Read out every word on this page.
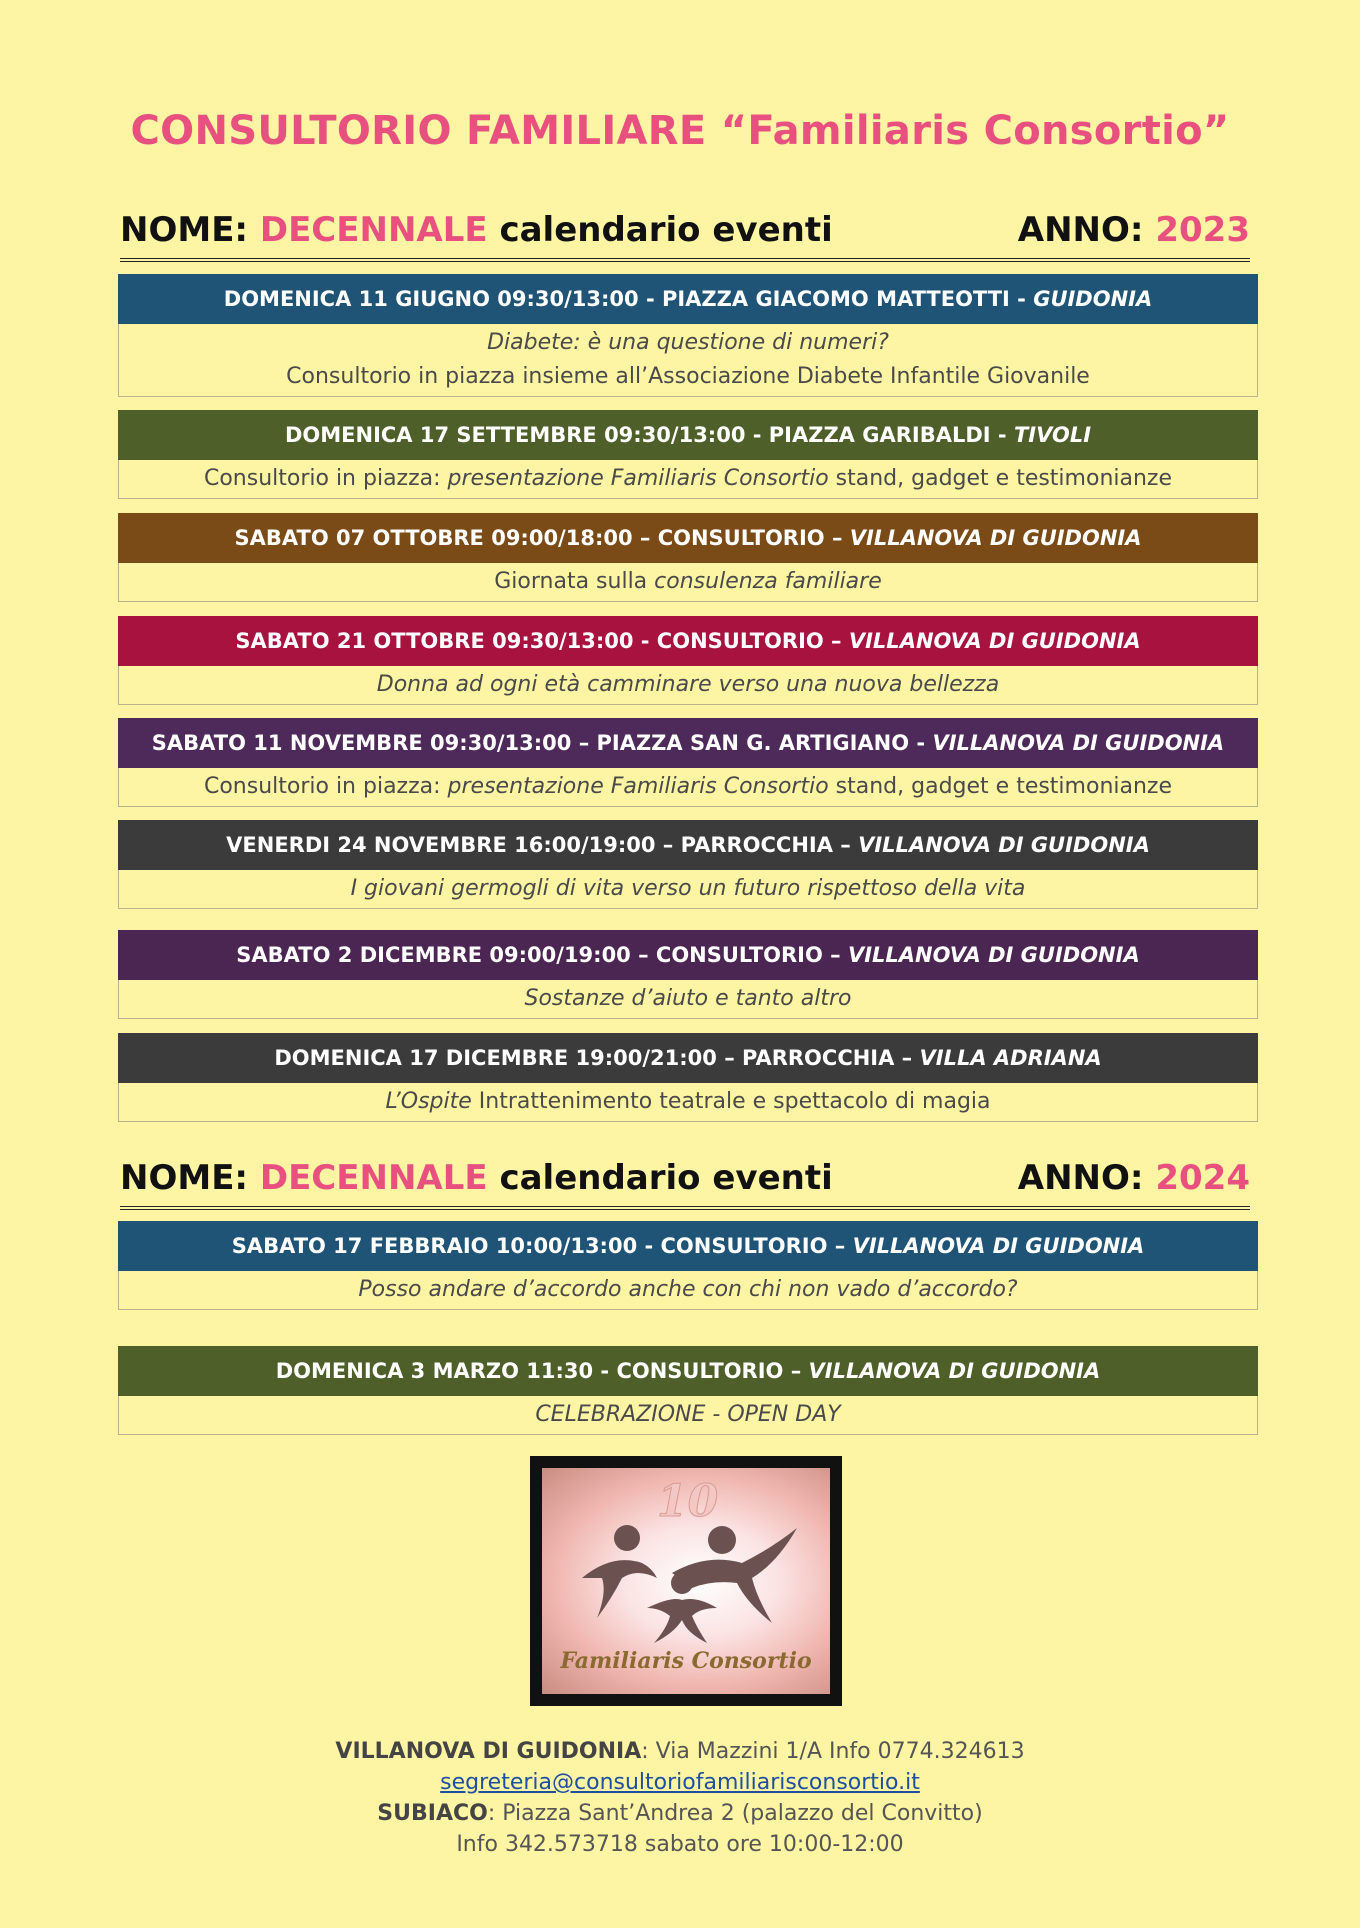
CONSULTORIO FAMILIARE “Familiaris Consortio”
NOME: DECENNALE calendario eventi	ANNO: 2023
DOMENICA 11 GIUGNO 09:30/13:00 - PIAZZA GIACOMO MATTEOTTI - GUIDONIA
Diabete: è una questione di numeri?
Consultorio in piazza insieme all’Associazione Diabete Infantile Giovanile
DOMENICA 17 SETTEMBRE 09:30/13:00 - PIAZZA GARIBALDI - TIVOLI
Consultorio in piazza: presentazione Familiaris Consortio stand, gadget e testimonianze
SABATO 07 OTTOBRE 09:00/18:00 – CONSULTORIO – VILLANOVA DI GUIDONIA
Giornata sulla consulenza familiare
SABATO 21 OTTOBRE 09:30/13:00 - CONSULTORIO – VILLANOVA DI GUIDONIA
Donna ad ogni età camminare verso una nuova bellezza
SABATO 11 NOVEMBRE 09:30/13:00 – PIAZZA SAN G. ARTIGIANO - VILLANOVA DI GUIDONIA
Consultorio in piazza: presentazione Familiaris Consortio stand, gadget e testimonianze
VENERDI 24 NOVEMBRE 16:00/19:00 – PARROCCHIA – VILLANOVA DI GUIDONIA
I giovani germogli di vita verso un futuro rispettoso della vita
SABATO 2 DICEMBRE 09:00/19:00 – CONSULTORIO – VILLANOVA DI GUIDONIA
Sostanze d’aiuto e tanto altro
DOMENICA 17 DICEMBRE 19:00/21:00 – PARROCCHIA – VILLA ADRIANA
L’Ospite Intrattenimento teatrale e spettacolo di magia
NOME: DECENNALE calendario eventi	ANNO: 2024
SABATO 17 FEBBRAIO 10:00/13:00 - CONSULTORIO – VILLANOVA DI GUIDONIA
Posso andare d’accordo anche con chi non vado d’accordo?
DOMENICA 3 MARZO 11:30 - CONSULTORIO – VILLANOVA DI GUIDONIA
CELEBRAZIONE - OPEN DAY
10
Familiaris Consortio
VILLANOVA DI GUIDONIA: Via Mazzini 1/A Info 0774.324613
segreteria@consultoriofamiliarisconsortio.it
SUBIACO: Piazza Sant’Andrea 2 (palazzo del Convitto)
Info 342.573718 sabato ore 10:00-12:00
